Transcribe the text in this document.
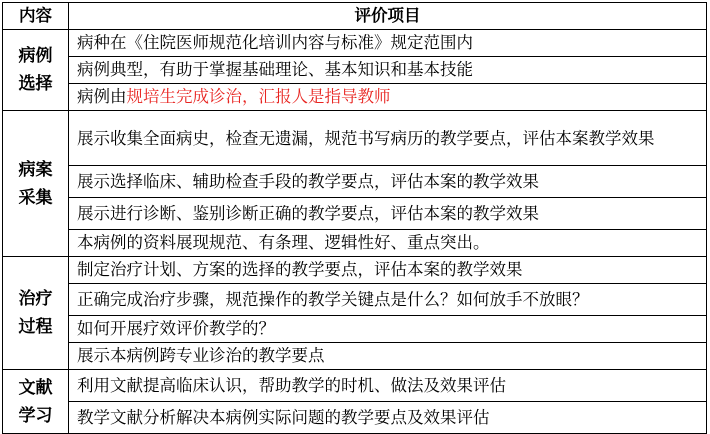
内容	评价项目

病例
选择	病种在《住院医师规范化培训内容与标准》规定范围内
	病例典型，有助于掌握基础理论、基本知识和基本技能
	病例由规培生完成诊治，汇报人是指导教师

病案
采集	展示收集全面病史，检查无遗漏，规范书写病历的教学要点，评估本案教学效果
	展示选择临床、辅助检查手段的教学要点，评估本案的教学效果
	展示进行诊断、鉴别诊断正确的教学要点，评估本案的教学效果
	本病例的资料展现规范、有条理、逻辑性好、重点突出。

治疗
过程	制定治疗计划、方案的选择的教学要点，评估本案的教学效果
	正确完成治疗步骤，规范操作的教学关键点是什么？如何放手不放眼？
	如何开展疗效评价教学的？
	展示本病例跨专业诊治的教学要点

文献
学习	利用文献提高临床认识，帮助教学的时机、做法及效果评估
	教学文献分析解决本病例实际问题的教学要点及效果评估
